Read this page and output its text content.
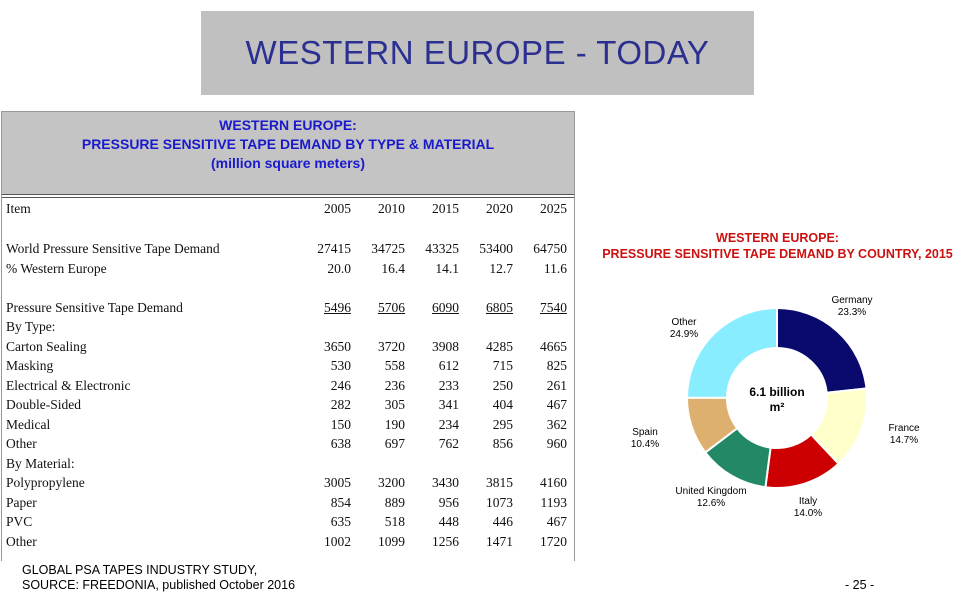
WESTERN EUROPE - TODAY
WESTERN EUROPE:
PRESSURE SENSITIVE TAPE DEMAND BY TYPE & MATERIAL
(million square meters)
Item	2005	2010	2015	2020	2025

World Pressure Sensitive Tape Demand	27415	34725	43325	53400	64750
% Western Europe	20.0	16.4	14.1	12.7	11.6

Pressure Sensitive Tape Demand	5496	5706	6090	6805	7540
By Type:					
Carton Sealing	3650	3720	3908	4285	4665
Masking	530	558	612	715	825
Electrical & Electronic	246	236	233	250	261
Double-Sided	282	305	341	404	467
Medical	150	190	234	295	362
Other	638	697	762	856	960
By Material:					
Polypropylene	3005	3200	3430	3815	4160
Paper	854	889	956	1073	1193
PVC	635	518	448	446	467
Other	1002	1099	1256	1471	1720
GLOBAL PSA TAPES INDUSTRY STUDY,
SOURCE: FREEDONIA, published October 2016	- 25 -
WESTERN EUROPE:
PRESSURE SENSITIVE TAPE DEMAND BY COUNTRY, 2015
Germany
23.3%
France
14.7%
Italy
14.0%
United Kingdom
12.6%
Spain
10.4%
Other
24.9%
6.1 billion
m²
